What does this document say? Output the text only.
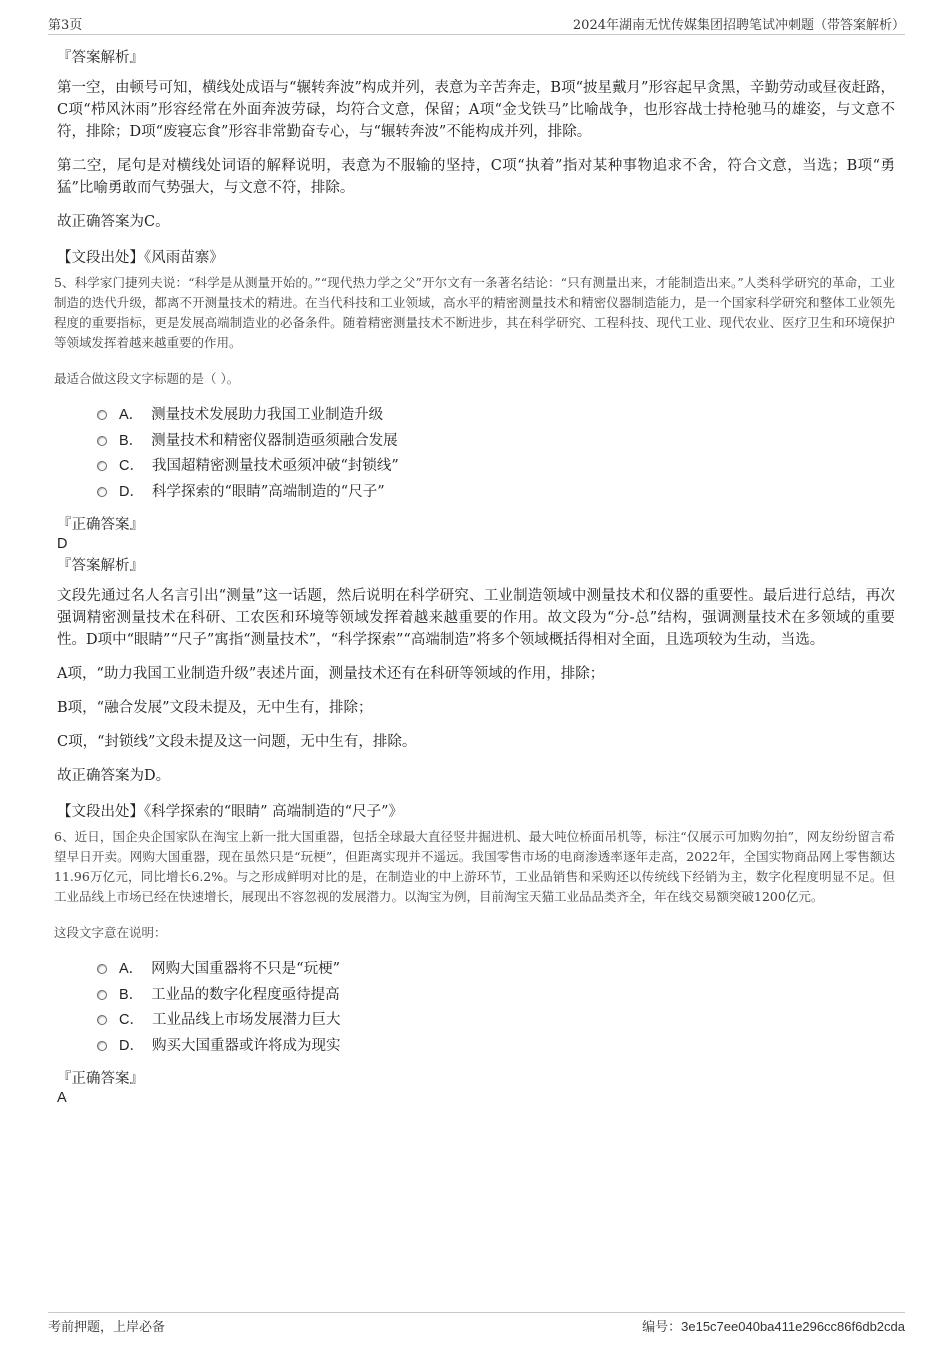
第3页	2024年湖南无忧传媒集团招聘笔试冲刺题（带答案解析）
『答案解析』

第一空，由顿号可知，横线处成语与“辗转奔波”构成并列，表意为辛苦奔走，B项“披星戴月”形容起早贪黑，辛勤劳动或昼夜赶路，C项“栉风沐雨”形容经常在外面奔波劳碌，均符合文意，保留；A项“金戈铁马”比喻战争，也形容战士持枪驰马的雄姿，与文意不符，排除；D项“废寝忘食”形容非常勤奋专心，与“辗转奔波”不能构成并列，排除。

第二空，尾句是对横线处词语的解释说明，表意为不服输的坚持，C项“执着”指对某种事物追求不舍，符合文意，当选；B项“勇猛”比喻勇敢而气势强大，与文意不符，排除。

故正确答案为C。

【文段出处】《风雨苗寨》

5、科学家门捷列夫说：“科学是从测量开始的。”“现代热力学之父”开尔文有一条著名结论：“只有测量出来，才能制造出来。”人类科学研究的革命，工业制造的迭代升级，都离不开测量技术的精进。在当代科技和工业领域，高水平的精密测量技术和精密仪器制造能力，是一个国家科学研究和整体工业领先程度的重要指标，更是发展高端制造业的必备条件。随着精密测量技术不断进步，其在科学研究、工程科技、现代工业、现代农业、医疗卫生和环境保护等领域发挥着越来越重要的作用。

最适合做这段文字标题的是（ ）。

A． 测量技术发展助力我国工业制造升级
B． 测量技术和精密仪器制造亟须融合发展
C． 我国超精密测量技术亟须冲破“封锁线”
D． 科学探索的“眼睛”高端制造的“尺子”
『正确答案』
D
『答案解析』

文段先通过名人名言引出“测量”这一话题，然后说明在科学研究、工业制造领域中测量技术和仪器的重要性。最后进行总结，再次强调精密测量技术在科研、工农医和环境等领域发挥着越来越重要的作用。故文段为“分-总”结构，强调测量技术在多领域的重要性。D项中“眼睛”“尺子”寓指“测量技术”，“科学探索”“高端制造”将多个领域概括得相对全面，且选项较为生动，当选。

A项，“助力我国工业制造升级”表述片面，测量技术还有在科研等领域的作用，排除；

B项，“融合发展”文段未提及，无中生有，排除；

C项，“封锁线”文段未提及这一问题，无中生有，排除。

故正确答案为D。

【文段出处】《科学探索的“眼睛” 高端制造的“尺子”》

6、近日，国企央企国家队在淘宝上新一批大国重器，包括全球最大直径竖井掘进机、最大吨位桥面吊机等，标注“仅展示可加购勿拍”，网友纷纷留言希望早日开卖。网购大国重器，现在虽然只是“玩梗”，但距离实现并不遥远。我国零售市场的电商渗透率逐年走高，2022年，全国实物商品网上零售额达11.96万亿元，同比增长6.2%。与之形成鲜明对比的是，在制造业的中上游环节，工业品销售和采购还以传统线下经销为主，数字化程度明显不足。但工业品线上市场已经在快速增长，展现出不容忽视的发展潜力。以淘宝为例，目前淘宝天猫工业品品类齐全，年在线交易额突破1200亿元。

这段文字意在说明：

A． 网购大国重器将不只是“玩梗”
B． 工业品的数字化程度亟待提高
C． 工业品线上市场发展潜力巨大
D． 购买大国重器或许将成为现实
『正确答案』
A
考前押题，上岸必备	编号：3e15c7ee040ba411e296cc86f6db2cda
